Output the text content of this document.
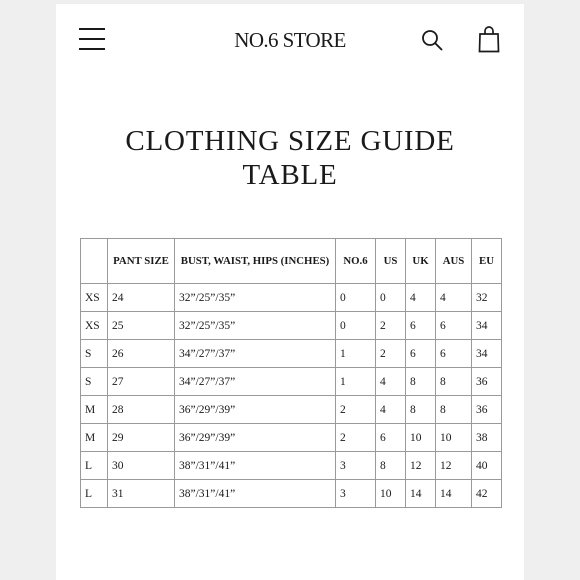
NO.6 STORE
CLOTHING SIZE GUIDE
TABLE
	PANT SIZE	BUST, WAIST, HIPS (INCHES)	NO.6	US	UK	AUS	EU
XS	24	32”/25”/35”	0	0	4	4	32
XS	25	32”/25”/35”	0	2	6	6	34
S	26	34”/27”/37”	1	2	6	6	34
S	27	34”/27”/37”	1	4	8	8	36
M	28	36”/29”/39”	2	4	8	8	36
M	29	36”/29”/39”	2	6	10	10	38
L	30	38”/31”/41”	3	8	12	12	40
L	31	38”/31”/41”	3	10	14	14	42
